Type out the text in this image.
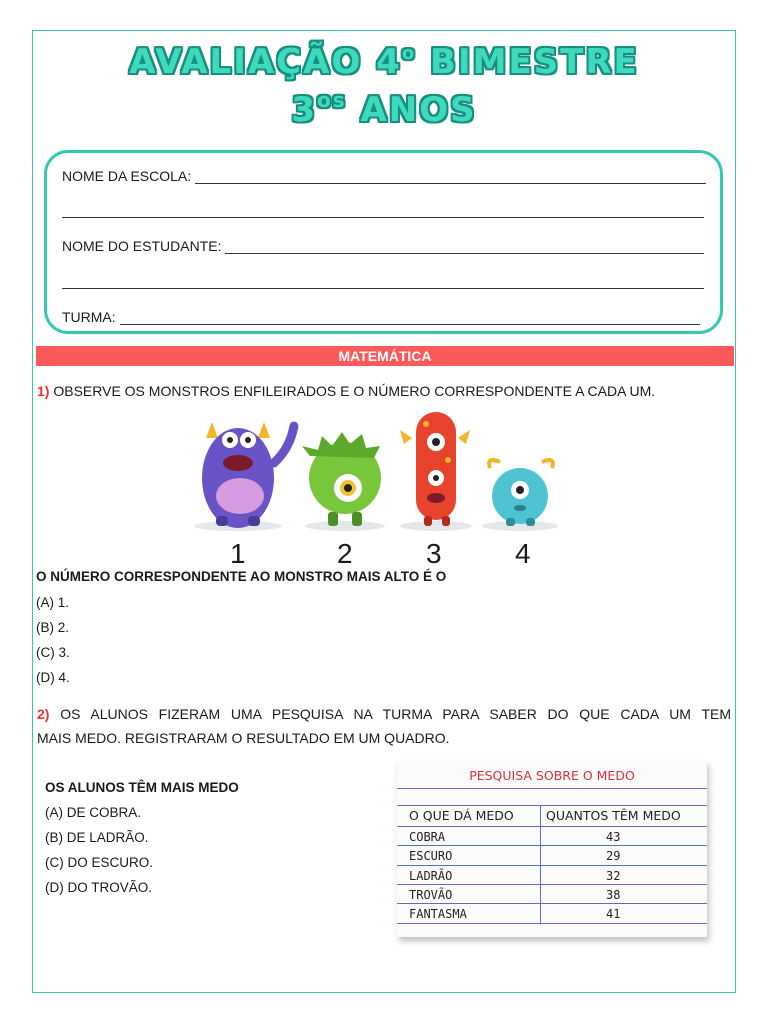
AVALIAÇÃO 4$^o$ BIMESTRE
$3^{os}$ ANOS
NOME DA ESCOLA:
NOME DO ESTUDANTE:
TURMA:
MATEMÁTICA
1) OBSERVE OS MONSTROS ENFILEIRADOS E O NÚMERO CORRESPONDENTE A CADA UM.
1	2	3	4
O NÚMERO CORRESPONDENTE AO MONSTRO MAIS ALTO É O
(A) 1.
(B) 2.
(C) 3.
(D) 4.
2) OS ALUNOS FIZERAM UMA PESQUISA NA TURMA PARA SABER DO QUE CADA UM TEM
MAIS MEDO. REGISTRARAM O RESULTADO EM UM QUADRO.
OS ALUNOS TÊM MAIS MEDO
(A) DE COBRA.
(B) DE LADRÃO.
(C) DO ESCURO.
(D) DO TROVÃO.
PESQUISA SOBRE O MEDO
O QUE DÁ MEDO	QUANTOS TÊM MEDO
COBRA	43
ESCURO	29
LADRÃO	32
TROVÃO	38
FANTASMA	41
